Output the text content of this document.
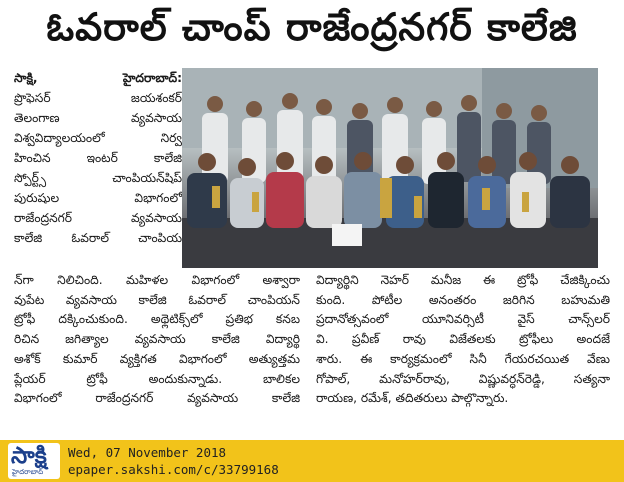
ఓవరాల్ చాంప్ రాజేంద్రనగర్ కాలేజి
సాక్షి, హైదరాబాద్:
ప్రొఫెసర్ జయశంకర్
తెలంగాణ వ్యవసాయ
విశ్వవిద్యాలయంలో నిర్వ
హించిన ఇంటర్ కాలేజి
స్పోర్ట్స్ చాంపియన్‌షిప్
పురుషుల విభాగంలో
రాజేంద్రనగర్ వ్యవసాయ
కాలేజి ఓవరాల్ చాంపియ
న్‌గా నిలిచింది. మహిళల విభాగంలో అశ్వారా
వుపేట వ్యవసాయ కాలేజి ఓవరాల్ చాంపియన్
ట్రోఫీ దక్కించుకుంది. అథ్లెటిక్స్‌లో ప్రతిభ కనబ
రిచిన జగిత్యాల వ్యవసాయ కాలేజి విద్యార్థి
అశోక్ కుమార్ వ్యక్తిగత విభాగంలో అత్యుత్తమ
ప్లేయర్ ట్రోఫీ అందుకున్నాడు. బాలికల
విభాగంలో రాజేంద్రనగర్ వ్యవసాయ కాలేజి
విద్యార్థిని నెహర్ మనీజ ఈ ట్రోఫీ చేజిక్కించు
కుంది. పోటీల అనంతరం జరిగిన బహుమతి
ప్రదానోత్సవంలో యూనివర్సిటీ వైస్ చాన్స్‌లర్
వి. ప్రవీణ్ రావు విజేతలకు ట్రోఫీలు అందజే
శారు. ఈ కార్యక్రమంలో సినీ గేయరచయిత వేణు
గోపాల్, మనోహర్‌రావు, విష్ణువర్ధన్‌రెడ్డి, సత్యనా
రాయణ, రమేశ్, తదితరులు పాల్గొన్నారు.
సాక్షి
హైదరాబాద్
Wed, 07 November 2018
epaper.sakshi.com/c/33799168
